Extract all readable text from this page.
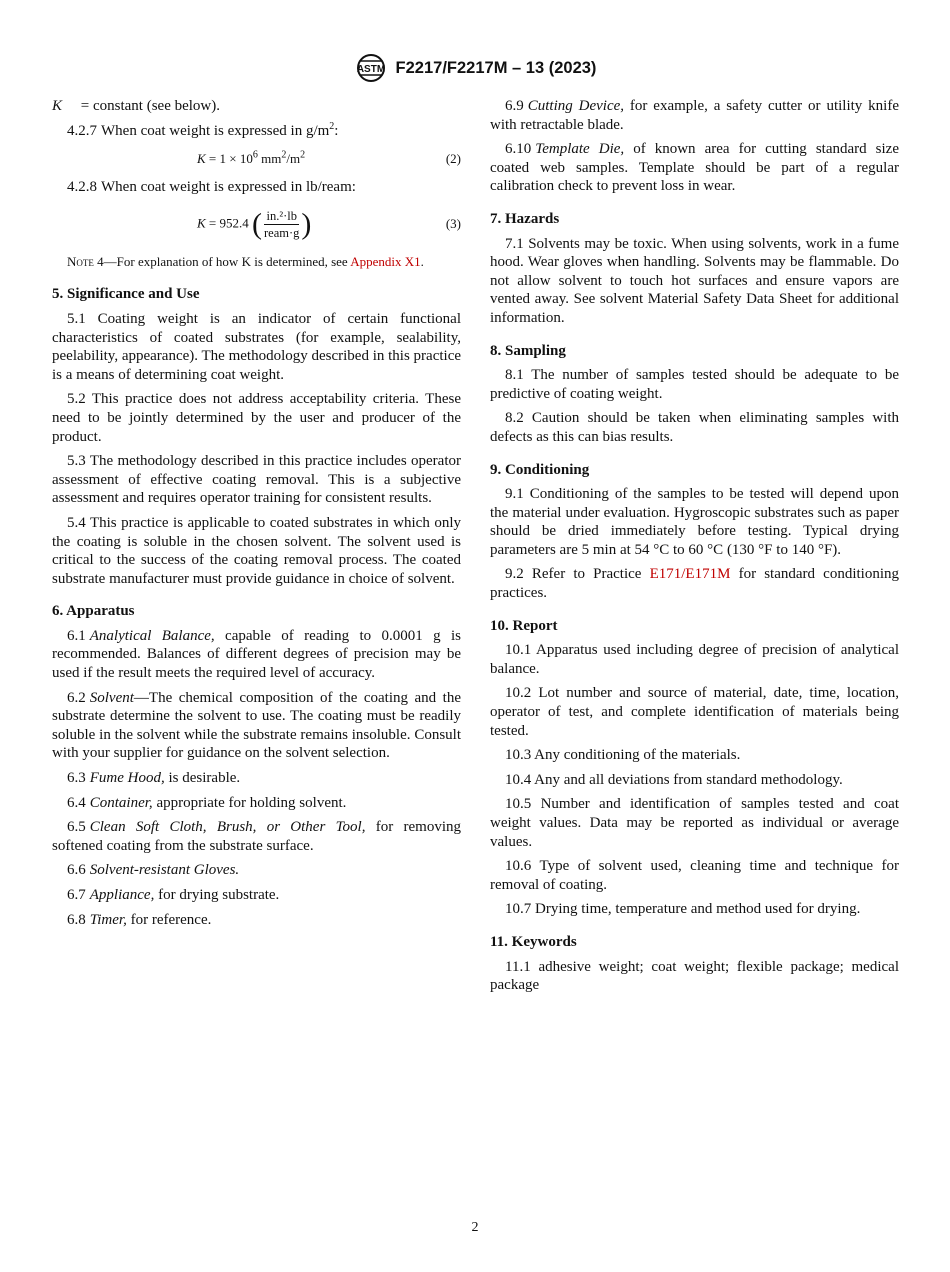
ASTM F2217/F2217M – 13 (2023)

K = constant (see below).

4.2.7 When coat weight is expressed in $g/m^2$:

$K = 1 \times 10^6$ $mm^2/m^2$	(2)

4.2.8 When coat weight is expressed in lb/ream:

K = 952.4 ( $\frac{\text{in.²·lb}}{\text{ream·g}}$ )	(3)

Note 4—For explanation of how K is determined, see Appendix X1.

5. Significance and Use

5.1 Coating weight is an indicator of certain functional characteristics of coated substrates (for example, sealability, peelability, appearance). The methodology described in this practice is a means of determining coat weight.

5.2 This practice does not address acceptability criteria. These need to be jointly determined by the user and producer of the product.

5.3 The methodology described in this practice includes operator assessment of effective coating removal. This is a subjective assessment and requires operator training for consistent results.

5.4 This practice is applicable to coated substrates in which only the coating is soluble in the chosen solvent. The solvent used is critical to the success of the coating removal process. The coated substrate manufacturer must provide guidance in choice of solvent.

6. Apparatus

6.1 Analytical Balance, capable of reading to 0.0001 g is recommended. Balances of different degrees of precision may be used if the result meets the required level of accuracy.

6.2 Solvent—The chemical composition of the coating and the substrate determine the solvent to use. The coating must be readily soluble in the solvent while the substrate remains insoluble. Consult with your supplier for guidance on the solvent selection.

6.3 Fume Hood, is desirable.

6.4 Container, appropriate for holding solvent.

6.5 Clean Soft Cloth, Brush, or Other Tool, for removing softened coating from the substrate surface.

6.6 Solvent-resistant Gloves.

6.7 Appliance, for drying substrate.

6.8 Timer, for reference.

6.9 Cutting Device, for example, a safety cutter or utility knife with retractable blade.

6.10 Template Die, of known area for cutting standard size coated web samples. Template should be part of a regular calibration check to prevent loss in wear.

7. Hazards

7.1 Solvents may be toxic. When using solvents, work in a fume hood. Wear gloves when handling. Solvents may be flammable. Do not allow solvent to touch hot surfaces and ensure vapors are vented away. See solvent Material Safety Data Sheet for additional information.

8. Sampling

8.1 The number of samples tested should be adequate to be predictive of coating weight.

8.2 Caution should be taken when eliminating samples with defects as this can bias results.

9. Conditioning

9.1 Conditioning of the samples to be tested will depend upon the material under evaluation. Hygroscopic substrates such as paper should be dried immediately before testing. Typical drying parameters are 5 min at 54 °C to 60 °C (130 °F to 140 °F).

9.2 Refer to Practice E171/E171M for standard conditioning practices.

10. Report

10.1 Apparatus used including degree of precision of analytical balance.

10.2 Lot number and source of material, date, time, location, operator of test, and complete identification of materials being tested.

10.3 Any conditioning of the materials.

10.4 Any and all deviations from standard methodology.

10.5 Number and identification of samples tested and coat weight values. Data may be reported as individual or average values.

10.6 Type of solvent used, cleaning time and technique for removal of coating.

10.7 Drying time, temperature and method used for drying.

11. Keywords

11.1 adhesive weight; coat weight; flexible package; medical package

2
